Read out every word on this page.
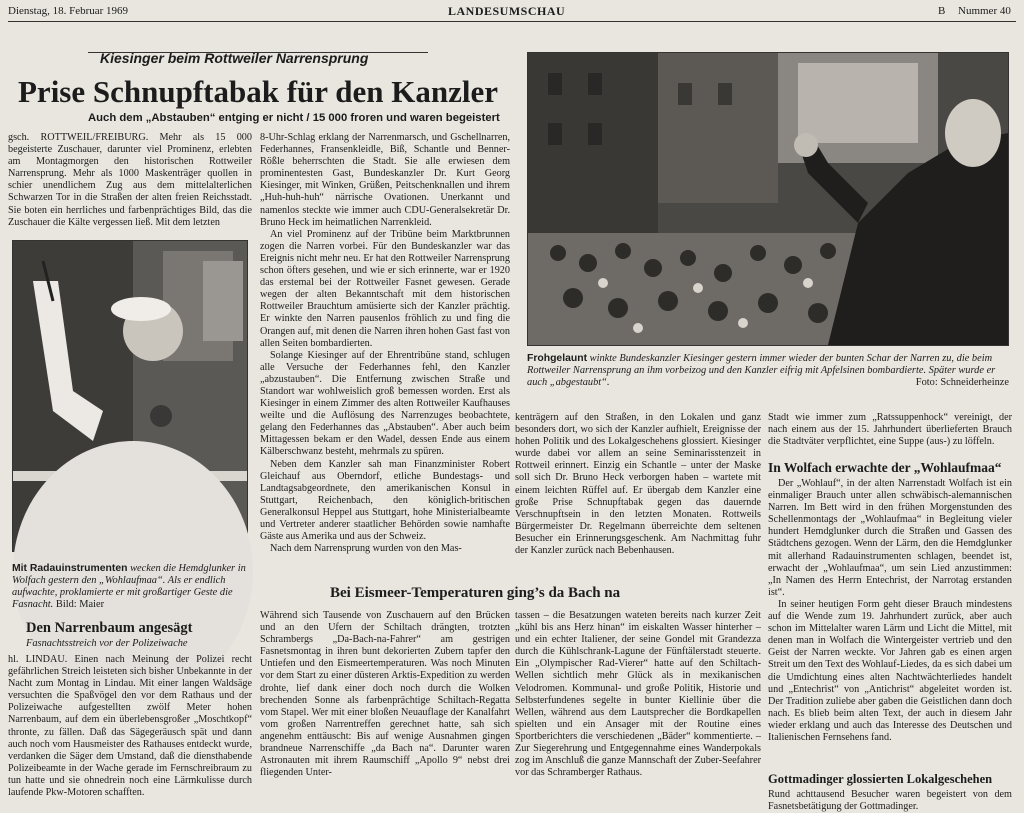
Dienstag, 18. Februar 1969	LANDESUMSCHAU	B Nummer 40
Kiesinger beim Rottweiler Narrensprung
Prise Schnupftabak für den Kanzler
Auch dem „Abstauben“ entging er nicht / 15 000 froren und waren begeistert
gsch. ROTTWEIL/FREIBURG. Mehr als 15 000 begeisterte Zuschauer, darunter viel Prominenz, erlebten am Montagmorgen den historischen Rottweiler Narrensprung. Mehr als 1000 Maskenträger quollen in schier unendlichem Zug aus dem mittelalterlichen Schwarzen Tor in die Straßen der alten freien Reichsstadt. Sie boten ein herrliches und farbenprächtiges Bild, das die Zuschauer die Kälte vergessen ließ. Mit dem letzten
Mit Radauinstrumenten wecken die Hemdglunker in Wolfach gestern den „Wohlaufmaa“. Als er endlich aufwachte, proklamierte er mit großartiger Geste die Fasnacht. Bild: Maier

8-Uhr-Schlag erklang der Narrenmarsch, und Gschellnarren, Federhannes, Fransenkleidle, Biß, Schantle und Benner-Rößle beherrschten die Stadt. Sie alle erwiesen dem prominentesten Gast, Bundeskanzler Dr. Kurt Georg Kiesinger, mit Winken, Grüßen, Peitschenknallen und ihrem „Huh-huh-huh“ närrische Ovationen. Unerkannt und namenlos steckte wie immer auch CDU-Generalsekretär Dr. Bruno Heck im heimatlichen Narrenkleid.

An viel Prominenz auf der Tribüne beim Marktbrunnen zogen die Narren vorbei. Für den Bundeskanzler war das Ereignis nicht mehr neu. Er hat den Rottweiler Narrensprung schon öfters gesehen, und wie er sich erinnerte, war er 1920 das erstemal bei der Rottweiler Fasnet gewesen. Gerade wegen der alten Bekanntschaft mit dem historischen Rottweiler Brauchtum amüsierte sich der Kanzler prächtig. Er winkte den Narren pausenlos fröhlich zu und fing die Orangen auf, mit denen die Narren ihren hohen Gast fast von allen Seiten bombardierten.

Solange Kiesinger auf der Ehrentribüne stand, schlugen alle Versuche der Federhannes fehl, den Kanzler „abzustauben“. Die Entfernung zwischen Straße und Standort war wohlweislich groß bemessen worden. Erst als Kiesinger in einem Zimmer des alten Rottweiler Kaufhauses weilte und die Auflösung des Narrenzuges beobachtete, gelang den Federhannes das „Abstauben“. Aber auch beim Mittagessen bekam er den Wadel, dessen Ende aus einem Kälberschwanz besteht, mehrmals zu spüren.

Neben dem Kanzler sah man Finanzminister Robert Gleichauf aus Oberndorf, etliche Bundestags- und Landtagsabgeordnete, den amerikanischen Konsul in Stuttgart, Reichenbach, den königlich-britischen Generalkonsul Heppel aus Stuttgart, hohe Ministerialbeamte und Vertreter anderer staatlicher Behörden sowie namhafte Gäste aus Amerika und aus der Schweiz.

Nach dem Narrensprung wurden von den Mas-

Frohgelaunt winkte Bundeskanzler Kiesinger gestern immer wieder der bunten Schar der Narren zu, die beim Rottweiler Narrensprung an ihm vorbeizog und den Kanzler eifrig mit Apfelsinen bombardierte. Später wurde er auch „abgestaubt“.	Foto: Schneiderheinze
kenträgern auf den Straßen, in den Lokalen und ganz besonders dort, wo sich der Kanzler aufhielt, Ereignisse der hohen Politik und des Lokalgeschehens glossiert. Kiesinger wurde dabei vor allem an seine Seminarisstenzeit in Rottweil erinnert. Einzig ein Schantle – unter der Maske soll sich Dr. Bruno Heck verborgen haben – wartete mit einem leichten Rüffel auf. Er übergab dem Kanzler eine große Prise Schnupftabak gegen das dauernde Verschnupftsein in den letzten Monaten. Rottweils Bürgermeister Dr. Regelmann überreichte dem seltenen Besucher ein Erinnerungsgeschenk. Am Nachmittag fuhr der Kanzler zurück nach Bebenhausen.
Stadt wie immer zum „Ratssuppenhock“ vereinigt, der nach einem aus der 15. Jahrhundert überlieferten Brauch die Stadtväter verpflichtet, eine Suppe (aus-) zu löffeln.
In Wolfach erwachte der „Wohlaufmaa“

Der „Wohlauf“, in der alten Narrenstadt Wolfach ist ein einmaliger Brauch unter allen schwäbisch-alemannischen Narren. Im Bett wird in den frühen Morgenstunden des Schellenmontags der „Wohlaufmaa“ in Begleitung vieler hundert Hemdglunker durch die Straßen und Gassen des Städtchens gezogen. Wenn der Lärm, den die Hemdglunker mit allerhand Radauinstrumenten schlagen, beendet ist, erwacht der „Wohlaufmaa“, um sein Lied anzustimmen: „In Namen des Herrn Entechrist, der Narrotag erstanden ist“.

In seiner heutigen Form geht dieser Brauch mindestens auf die Wende zum 19. Jahrhundert zurück, aber auch schon im Mittelalter waren Lärm und Licht die Mittel, mit denen man in Wolfach die Wintergeister vertrieb und den Geist der Narren weckte. Vor Jahren gab es einen argen Streit um den Text des Wohlauf-Liedes, da es sich dabei um die Umdichtung eines alten Nachtwächterliedes handelt und „Entechrist“ von „Antichrist“ abgeleitet worden ist. Der Tradition zuliebe aber gaben die Geistlichen dann doch nach. Es blieb beim alten Text, der auch in diesem Jahr wieder erklang und auch das Interesse des Deutschen und Italienischen Fernsehens fand.

Gottmadinger glossierten Lokalgeschehen
Rund achttausend Besucher waren begeistert von dem Fasnetsbetätigung der Gottmadinger.
Den Narrenbaum angesägt
Fasnachtsstreich vor der Polizeiwache
hl. LINDAU. Einen nach Meinung der Polizei recht gefährlichen Streich leisteten sich bisher Unbekannte in der Nacht zum Montag in Lindau. Mit einer langen Waldsäge versuchten die Spaßvögel den vor dem Rathaus und der Polizeiwache aufgestellten zwölf Meter hohen Narrenbaum, auf dem ein überlebensgroßer „Moschtkopf“ thronte, zu fällen. Daß das Sägegeräusch spät und dann auch noch vom Hausmeister des Rathauses entdeckt wurde, verdanken die Säger dem Umstand, daß die diensthabende Polizeibeamte in der Wache gerade im Fernschreibraum zu tun hatte und sie ohnedrein noch eine Lärmkulisse durch laufende Pkw-Motoren schafften.
Bei Eismeer-Temperaturen ging’s da Bach na
Während sich Tausende von Zuschauern auf den Brücken und an den Ufern der Schiltach drängten, trotzten Schrambergs „Da-Bach-na-Fahrer“ am gestrigen Fasnetsmontag in ihren bunt dekorierten Zubern tapfer den Untiefen und den Eismeertemperaturen. Was noch Minuten vor dem Start zu einer düsteren Arktis-Expedition zu werden drohte, lief dank einer doch noch durch die Wolken brechenden Sonne als farbenprächtige Schiltach-Regatta vom Stapel. Wer mit einer bloßen Neuauflage der Kanalfahrt vom großen Narrentreffen gerechnet hatte, sah sich angenehm enttäuscht: Bis auf wenige Ausnahmen gingen brandneue Narrenschiffe „da Bach na“. Darunter waren Astronauten mit ihrem Raumschiff „Apollo 9“ nebst drei fliegenden Unter-
tassen – die Besatzungen wateten bereits nach kurzer Zeit „kühl bis ans Herz hinan“ im eiskalten Wasser hinterher – und ein echter Italiener, der seine Gondel mit Grandezza durch die Kühlschrank-Lagune der Fünftälerstadt steuerte. Ein „Olympischer Rad-Vierer“ hatte auf den Schiltach-Wellen sichtlich mehr Glück als in mexikanischen Velodromen. Kommunal- und große Politik, Historie und Selbsterfundenes segelte in bunter Kiellinie über die Wellen, während aus dem Lautsprecher die Bordkapellen spielten und ein Ansager mit der Routine eines Sportberichters die verschiedenen „Bäder“ kommentierte. – Zur Siegerehrung und Entgegennahme eines Wanderpokals zog im Anschluß die ganze Mannschaft der Zuber-Seefahrer vor das Schramberger Rathaus.
